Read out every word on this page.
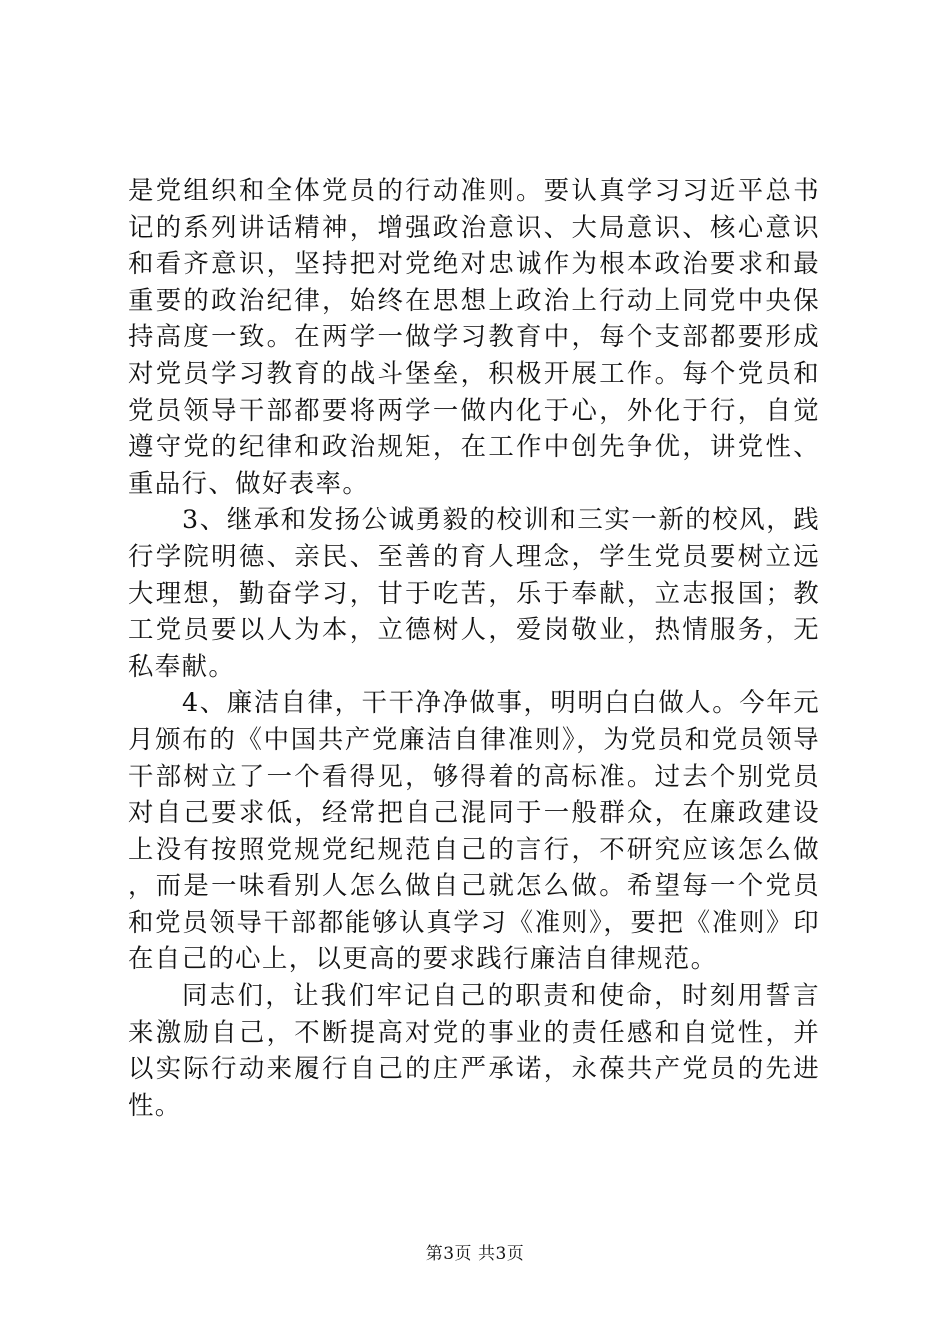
是党组织和全体党员的行动准则。要认真学习习近平总书记的系列讲话精神，增强政治意识、大局意识、核心意识和看齐意识，坚持把对党绝对忠诚作为根本政治要求和最重要的政治纪律，始终在思想上政治上行动上同党中央保持高度一致。在两学一做学习教育中，每个支部都要形成对党员学习教育的战斗堡垒，积极开展工作。每个党员和党员领导干部都要将两学一做内化于心，外化于行，自觉遵守党的纪律和政治规矩，在工作中创先争优，讲党性、重品行、做好表率。

3、继承和发扬公诚勇毅的校训和三实一新的校风，践行学院明德、亲民、至善的育人理念，学生党员要树立远大理想，勤奋学习，甘于吃苦，乐于奉献，立志报国；教工党员要以人为本，立德树人，爱岗敬业，热情服务，无私奉献。

4、廉洁自律，干干净净做事，明明白白做人。今年元月颁布的《中国共产党廉洁自律准则》，为党员和党员领导干部树立了一个看得见，够得着的高标准。过去个别党员对自己要求低，经常把自己混同于一般群众，在廉政建设上没有按照党规党纪规范自己的言行，不研究应该怎么做，而是一味看别人怎么做自己就怎么做。希望每一个党员和党员领导干部都能够认真学习《准则》，要把《准则》印在自己的心上，以更高的要求践行廉洁自律规范。

同志们，让我们牢记自己的职责和使命，时刻用誓言来激励自己，不断提高对党的事业的责任感和自觉性，并以实际行动来履行自己的庄严承诺，永葆共产党员的先进性。

第3页 共3页
